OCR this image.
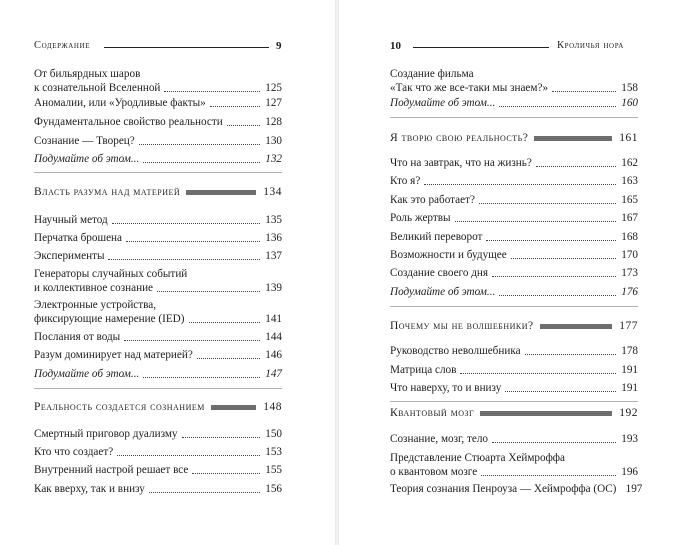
Содержание	9
От бильярдных шаров
к сознательной Вселенной	125
Аномалии, или «Уродливые факты»	127
Фундаментальное свойство реальности	128
Сознание — Творец?	130
Подумайте об этом...	132
Власть разума над материей	134
Научный метод	135
Перчатка брошена	136
Эксперименты	137
Генераторы случайных событий
и коллективное сознание	139
Электронные устройства,
фиксирующие намерение (IED)	141
Послания от воды	144
Разум доминирует над материей?	146
Подумайте об этом...	147
Реальность создается сознанием	148
Смертный приговор дуализму	150
Кто что создает?	153
Внутренний настрой решает все	155
Как вверху, так и внизу	156
10	Кроличья нора
Создание фильма
«Так что же все-таки мы знаем?»	158
Подумайте об этом...	160
Я творю свою реальность?	161
Что на завтрак, что на жизнь?	162
Кто я?	163
Как это работает?	165
Роль жертвы	167
Великий переворот	168
Возможности и будущее	170
Создание своего дня	173
Подумайте об этом...	176
Почему мы не волшебники?	177
Руководство неволшебника	178
Матрица слов	191
Что наверху, то и внизу	191
Квантовый мозг	192
Сознание, мозг, тело	193
Представление Стюарта Хеймроффа
о квантовом мозге	196
Теория сознания Пенроуза — Хеймроффа (OC) 197
